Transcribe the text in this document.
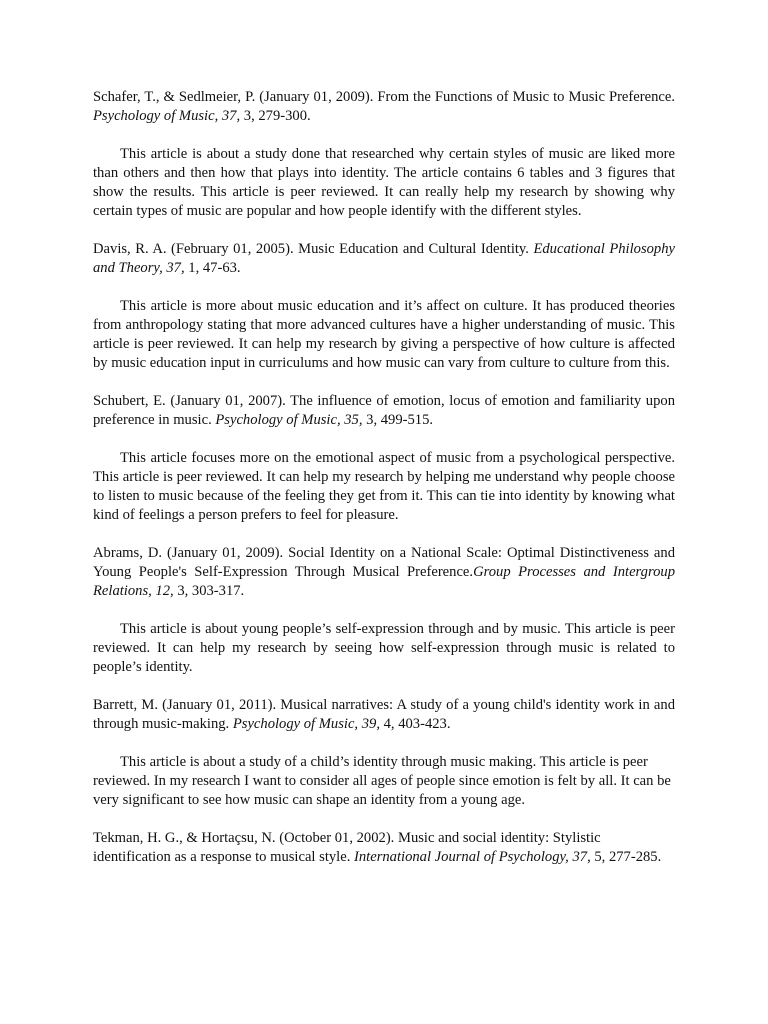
Schafer, T., & Sedlmeier, P. (January 01, 2009). From the Functions of Music to Music Preference. Psychology of Music, 37, 3, 279-300.

This article is about a study done that researched why certain styles of music are liked more than others and then how that plays into identity. The article contains 6 tables and 3 figures that show the results. This article is peer reviewed. It can really help my research by showing why certain types of music are popular and how people identify with the different styles.

Davis, R. A. (February 01, 2005). Music Education and Cultural Identity. Educational Philosophy and Theory, 37, 1, 47-63.

This article is more about music education and it’s affect on culture. It has produced theories from anthropology stating that more advanced cultures have a higher understanding of music. This article is peer reviewed. It can help my research by giving a perspective of how culture is affected by music education input in curriculums and how music can vary from culture to culture from this.

Schubert, E. (January 01, 2007). The influence of emotion, locus of emotion and familiarity upon preference in music. Psychology of Music, 35, 3, 499-515.

This article focuses more on the emotional aspect of music from a psychological perspective. This article is peer reviewed. It can help my research by helping me understand why people choose to listen to music because of the feeling they get from it. This can tie into identity by knowing what kind of feelings a person prefers to feel for pleasure.

Abrams, D. (January 01, 2009). Social Identity on a National Scale: Optimal Distinctiveness and Young People's Self-Expression Through Musical Preference.Group Processes and Intergroup Relations, 12, 3, 303-317.

This article is about young people’s self-expression through and by music. This article is peer reviewed. It can help my research by seeing how self-expression through music is related to people’s identity.

Barrett, M. (January 01, 2011). Musical narratives: A study of a young child's identity work in and through music-making. Psychology of Music, 39, 4, 403-423.

This article is about a study of a child’s identity through music making. This article is peer reviewed. In my research I want to consider all ages of people since emotion is felt by all. It can be very significant to see how music can shape an identity from a young age.

Tekman, H. G., & Hortaçsu, N. (October 01, 2002). Music and social identity: Stylistic identification as a response to musical style. International Journal of Psychology, 37, 5, 277-285.
